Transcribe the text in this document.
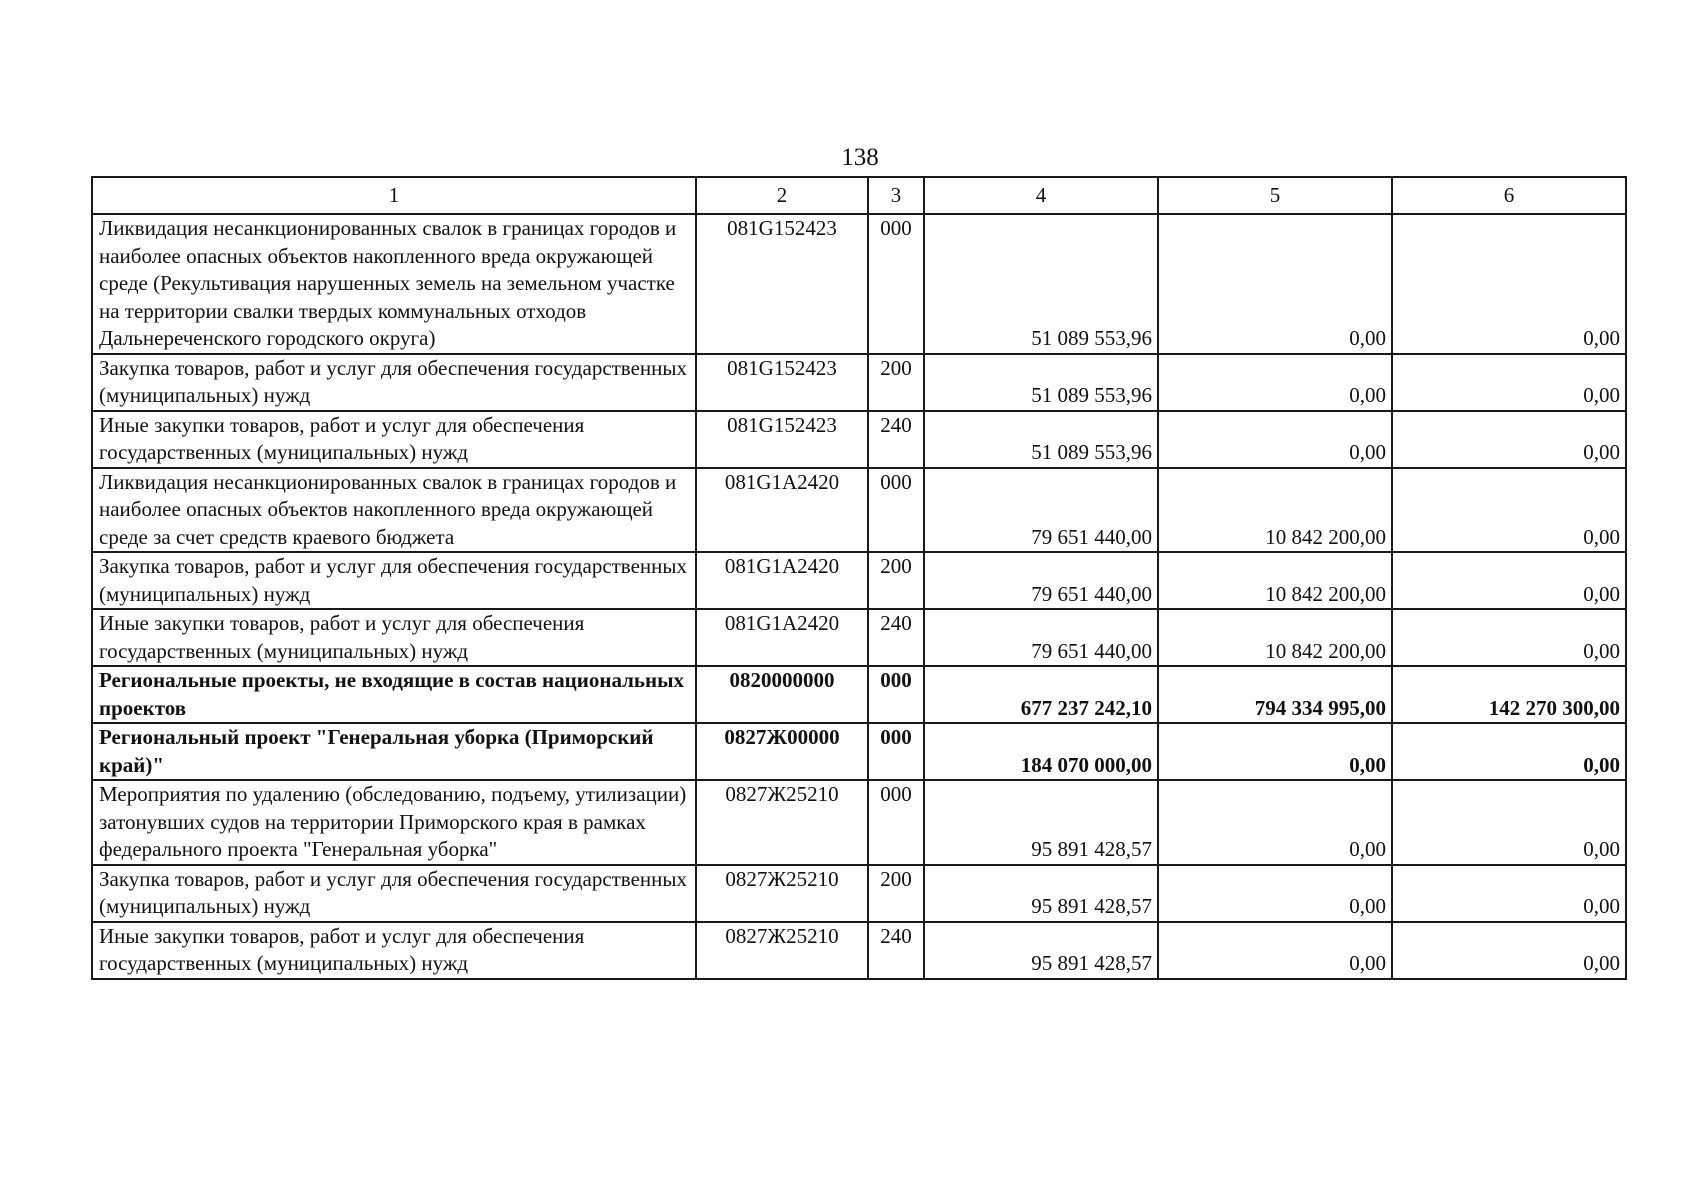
138
1	2	3	4	5	6
Ликвидация несанкционированных свалок в границах городов и наиболее опасных объектов накопленного вреда окружающей среде (Рекультивация нарушенных земель на земельном участке на территории свалки твердых коммунальных отходов Дальнереченского городского округа)	081G152423	000	51 089 553,96	0,00	0,00
Закупка товаров, работ и услуг для обеспечения государственных (муниципальных) нужд	081G152423	200	51 089 553,96	0,00	0,00
Иные закупки товаров, работ и услуг для обеспечения государственных (муниципальных) нужд	081G152423	240	51 089 553,96	0,00	0,00
Ликвидация несанкционированных свалок в границах городов и наиболее опасных объектов накопленного вреда окружающей среде за счет средств краевого бюджета	081G1A2420	000	79 651 440,00	10 842 200,00	0,00
Закупка товаров, работ и услуг для обеспечения государственных (муниципальных) нужд	081G1A2420	200	79 651 440,00	10 842 200,00	0,00
Иные закупки товаров, работ и услуг для обеспечения государственных (муниципальных) нужд	081G1A2420	240	79 651 440,00	10 842 200,00	0,00
Региональные проекты, не входящие в состав национальных проектов	0820000000	000	677 237 242,10	794 334 995,00	142 270 300,00
Региональный проект "Генеральная уборка (Приморский край)"	0827Ж00000	000	184 070 000,00	0,00	0,00
Мероприятия по удалению (обследованию, подъему, утилизации) затонувших судов на территории Приморского края в рамках федерального проекта "Генеральная уборка"	0827Ж25210	000	95 891 428,57	0,00	0,00
Закупка товаров, работ и услуг для обеспечения государственных (муниципальных) нужд	0827Ж25210	200	95 891 428,57	0,00	0,00
Иные закупки товаров, работ и услуг для обеспечения государственных (муниципальных) нужд	0827Ж25210	240	95 891 428,57	0,00	0,00
